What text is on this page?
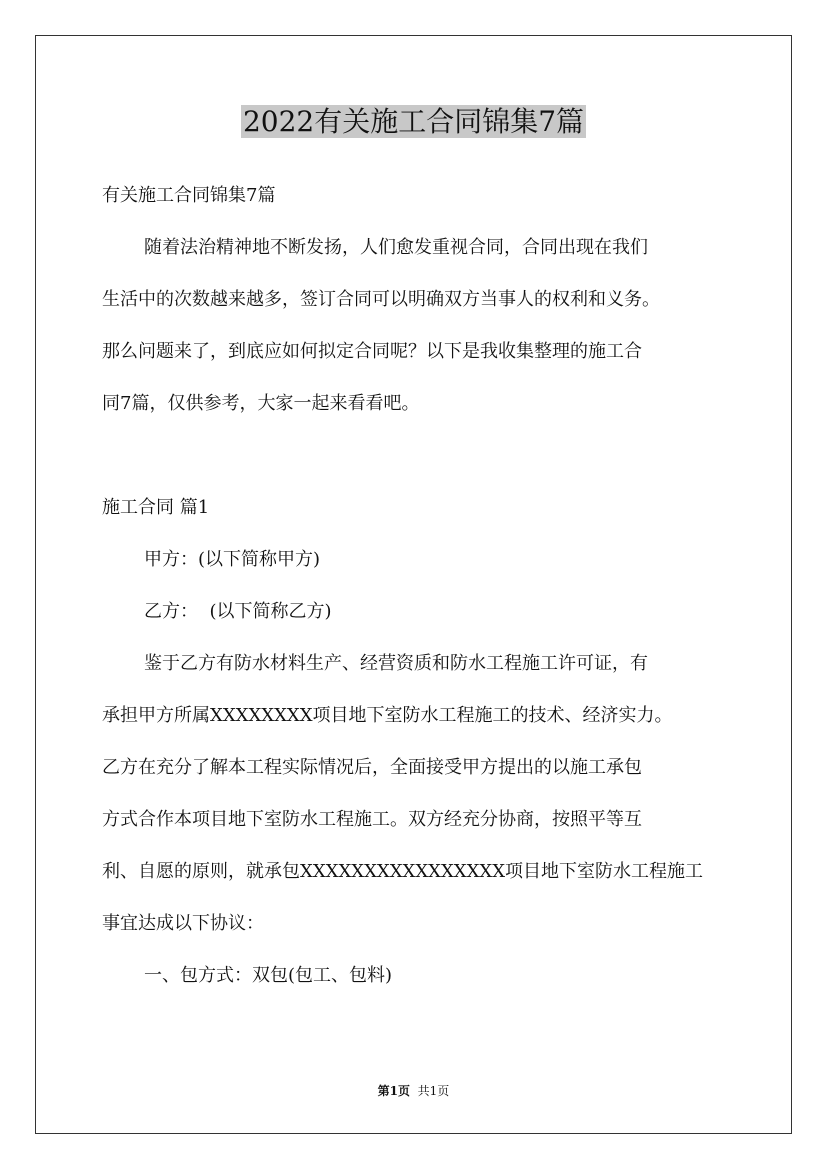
2022有关施工合同锦集7篇

有关施工合同锦集7篇

随着法治精神地不断发扬，人们愈发重视合同，合同出现在我们

生活中的次数越来越多，签订合同可以明确双方当事人的权利和义务。

那么问题来了，到底应如何拟定合同呢？以下是我收集整理的施工合

同7篇，仅供参考，大家一起来看看吧。

施工合同 篇1

甲方：(以下简称甲方)

乙方：  (以下简称乙方)

鉴于乙方有防水材料生产、经营资质和防水工程施工许可证，有

承担甲方所属XXXXXXXX项目地下室防水工程施工的技术、经济实力。

乙方在充分了解本工程实际情况后，全面接受甲方提出的以施工承包

方式合作本项目地下室防水工程施工。双方经充分协商，按照平等互

利、自愿的原则，就承包XXXXXXXXXXXXXXXX项目地下室防水工程施工

事宜达成以下协议：

一、包方式：双包(包工、包料)

第1页 共1页
